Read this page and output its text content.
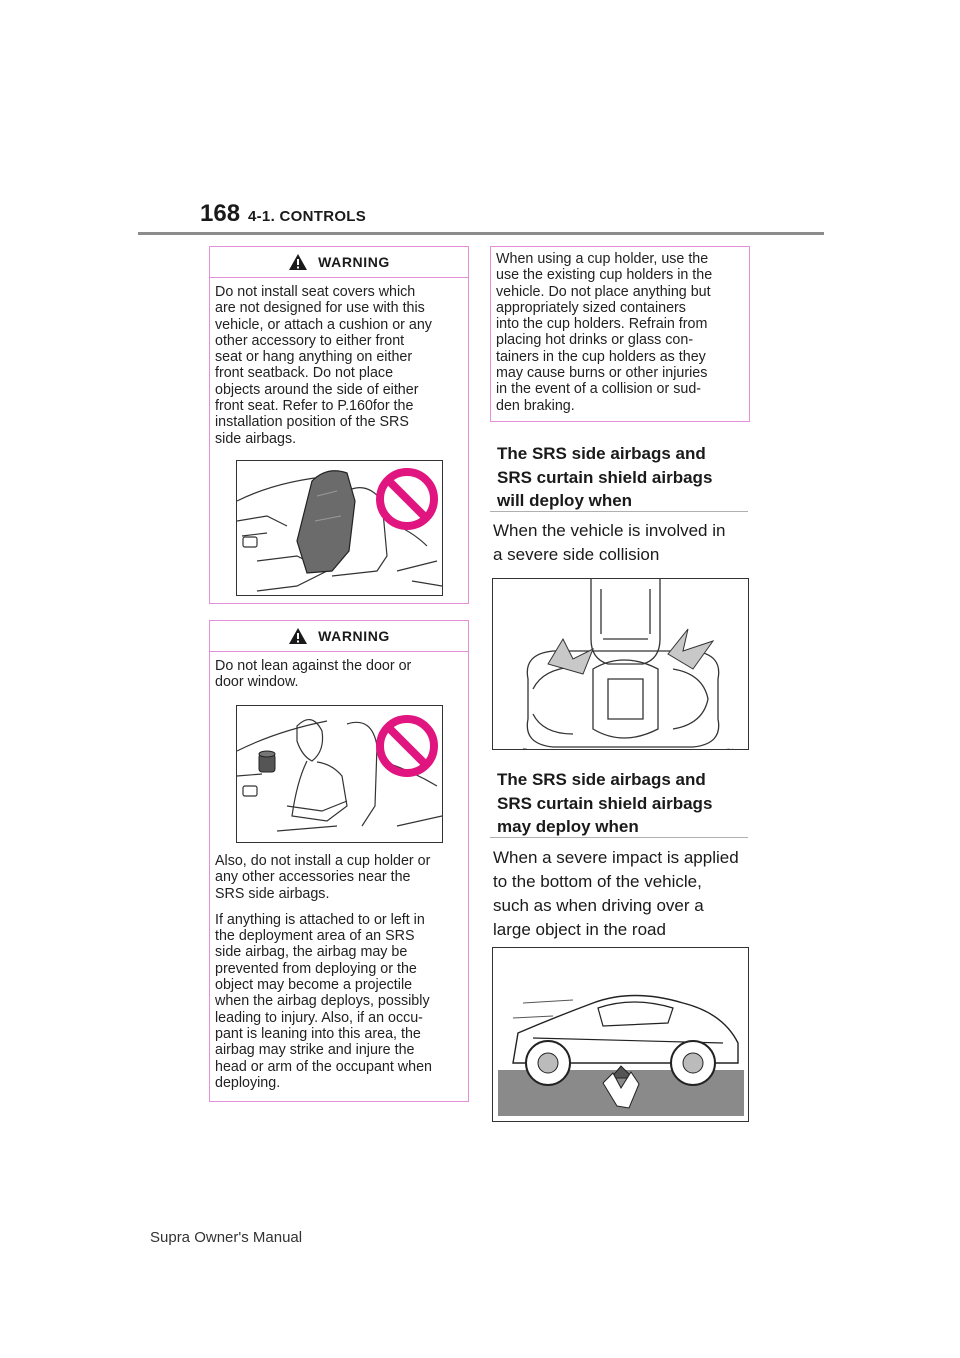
168 4-1. CONTROLS
WARNING

Do not install seat covers which
are not designed for use with this
vehicle, or attach a cushion or any
other accessory to either front
seat or hang anything on either
front seatback. Do not place
objects around the side of either
front seat. Refer to P.160for the
installation position of the SRS
side airbags.

WARNING

Do not lean against the door or
door window.

Also, do not install a cup holder or
any other accessories near the
SRS side airbags.

If anything is attached to or left in
the deployment area of an SRS
side airbag, the airbag may be
prevented from deploying or the
object may become a projectile
when the airbag deploys, possibly
leading to injury. Also, if an occu-
pant is leaning into this area, the
airbag may strike and injure the
head or arm of the occupant when
deploying.

When using a cup holder, use the
use the existing cup holders in the
vehicle. Do not place anything but
appropriately sized containers
into the cup holders. Refrain from
placing hot drinks or glass con-
tainers in the cup holders as they
may cause burns or other injuries
in the event of a collision or sud-
den braking.
The SRS side airbags and
SRS curtain shield airbags
will deploy when
When the vehicle is involved in
a severe side collision
The SRS side airbags and
SRS curtain shield airbags
may deploy when
When a severe impact is applied
to the bottom of the vehicle,
such as when driving over a
large object in the road
Supra Owner's Manual
